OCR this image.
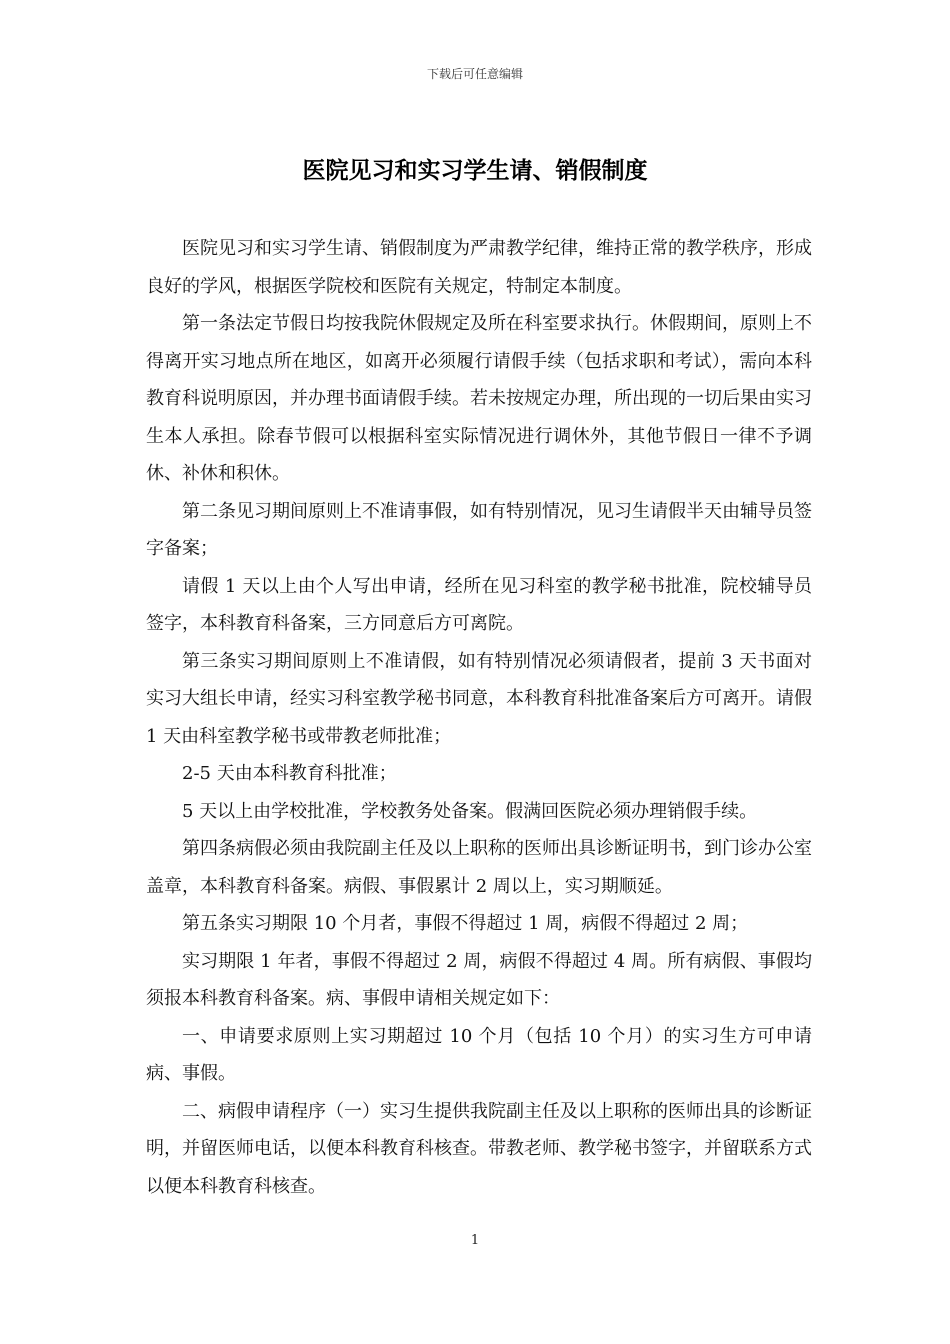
下载后可任意编辑
医院见习和实习学生请、销假制度

医院见习和实习学生请、销假制度为严肃教学纪律，维持正常的教学秩序，形成良好的学风，根据医学院校和医院有关规定，特制定本制度。

第一条法定节假日均按我院休假规定及所在科室要求执行。休假期间，原则上不得离开实习地点所在地区，如离开必须履行请假手续（包括求职和考试），需向本科教育科说明原因，并办理书面请假手续。若未按规定办理，所出现的一切后果由实习生本人承担。除春节假可以根据科室实际情况进行调休外，其他节假日一律不予调休、补休和积休。

第二条见习期间原则上不准请事假，如有特别情况，见习生请假半天由辅导员签字备案；

请假 1 天以上由个人写出申请，经所在见习科室的教学秘书批准，院校辅导员签字，本科教育科备案，三方同意后方可离院。

第三条实习期间原则上不准请假，如有特别情况必须请假者，提前 3 天书面对实习大组长申请，经实习科室教学秘书同意，本科教育科批准备案后方可离开。请假 1 天由科室教学秘书或带教老师批准；

2-5 天由本科教育科批准；

5 天以上由学校批准，学校教务处备案。假满回医院必须办理销假手续。

第四条病假必须由我院副主任及以上职称的医师出具诊断证明书，到门诊办公室盖章，本科教育科备案。病假、事假累计 2 周以上，实习期顺延。

第五条实习期限 10 个月者，事假不得超过 1 周，病假不得超过 2 周；

实习期限 1 年者，事假不得超过 2 周，病假不得超过 4 周。所有病假、事假均须报本科教育科备案。病、事假申请相关规定如下：

一、申请要求原则上实习期超过 10 个月（包括 10 个月）的实习生方可申请病、事假。

二、病假申请程序（一）实习生提供我院副主任及以上职称的医师出具的诊断证明，并留医师电话，以便本科教育科核查。带教老师、教学秘书签字，并留联系方式以便本科教育科核查。

1
